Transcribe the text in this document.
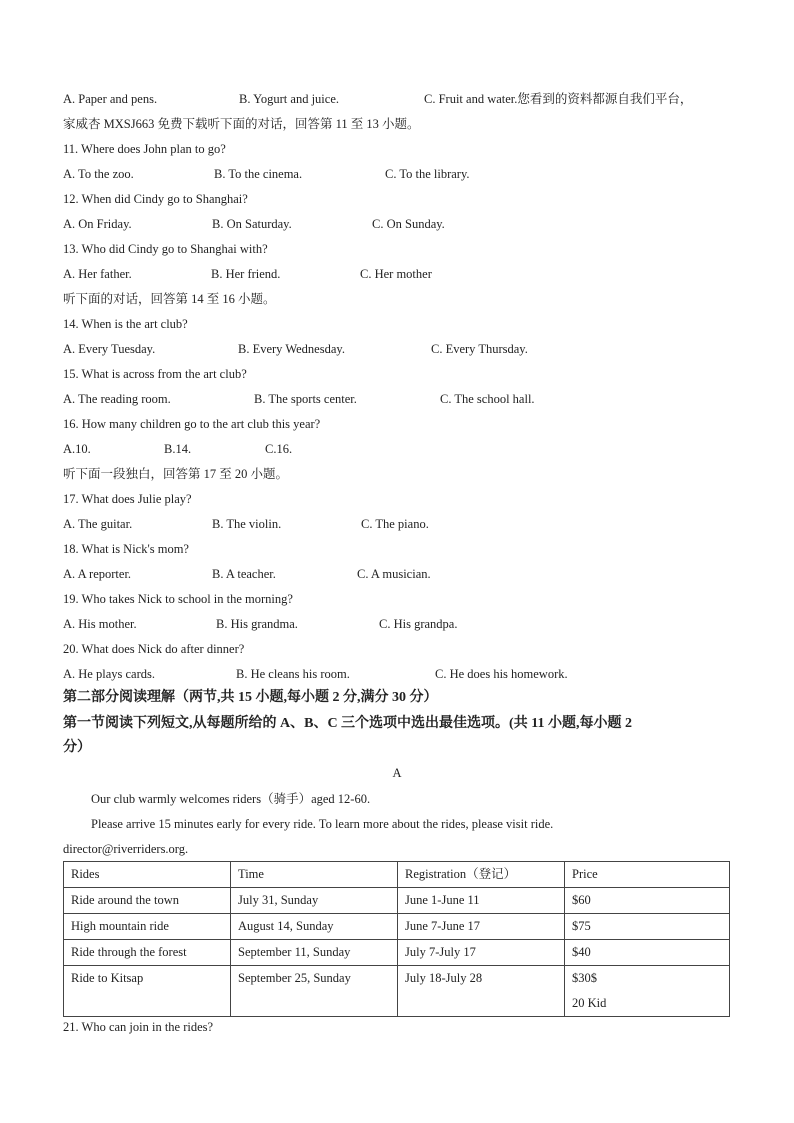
A. Paper and pens.	B. Yogurt and juice.	C. Fruit and water.您看到的资料都源自我们平台，
家威杏 MXSJ663 免费下载听下面的对话，回答第 11 至 13 小题。
11. Where does John plan to go?
A. To the zoo.	B. To the cinema.	C. To the library.
12. When did Cindy go to Shanghai?
A. On Friday.	B. On Saturday.	C. On Sunday.
13. Who did Cindy go to Shanghai with?
A. Her father.	B. Her friend.	C. Her mother
听下面的对话，回答第 14 至 16 小题。
14. When is the art club?
A. Every Tuesday.	B. Every Wednesday.	C. Every Thursday.
15. What is across from the art club?
A. The reading room.	B. The sports center.	C. The school hall.
16. How many children go to the art club this year?
A.10.	B.14.	C.16.
听下面一段独白，回答第 17 至 20 小题。
17. What does Julie play?
A. The guitar.	B. The violin.	C. The piano.
18. What is Nick's mom?
A. A reporter.	B. A teacher.	C. A musician.
19. Who takes Nick to school in the morning?
A. His mother.	B. His grandma.	C. His grandpa.
20. What does Nick do after dinner?
A. He plays cards.	B. He cleans his room.	C. He does his homework.
第二部分阅读理解（两节,共 15 小题,每小题 2 分,满分 30 分）
第一节阅读下列短文,从每题所给的 A、B、C 三个选项中选出最佳选项。(共 11 小题,每小题 2
分）
A
Our club warmly welcomes riders（骑手）aged 12-60.
Please arrive 15 minutes early for every ride. To learn more about the rides, please visit ride.
director@riverriders.org.
Rides	Time	Registration（登记）	Price
Ride around the town	July 31, Sunday	June 1-June 11	$60
High mountain ride	August 14, Sunday	June 7-June 17	$75
Ride through the forest	September 11, Sunday	July 7-July 17	$40
Ride to Kitsap	September 25, Sunday	July 18-July 28	$30$
20 Kid
21. Who can join in the rides?
